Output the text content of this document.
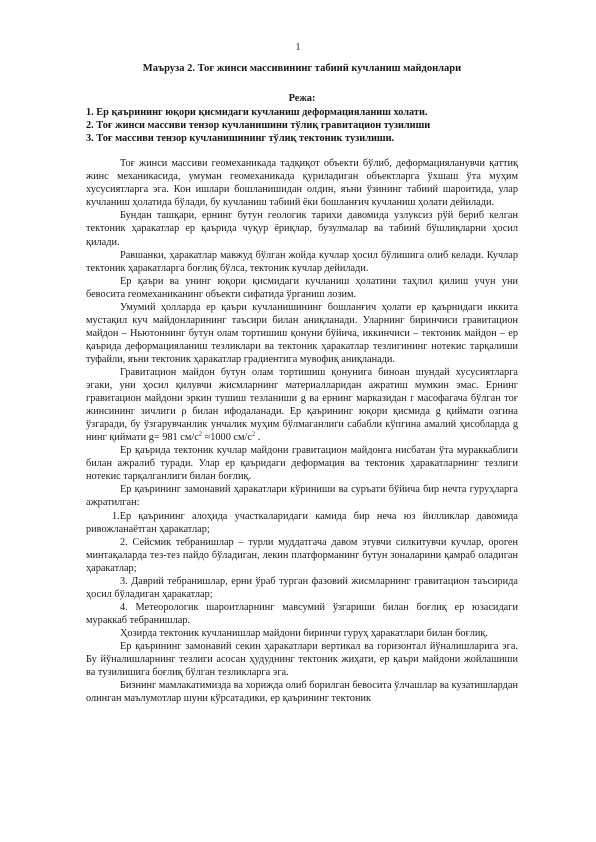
1

Маъруза 2. Тоғ жинси массивининг табиий кучланиш майдонлари

Режа:

1. Ер қаърининг юқори қисмидаги кучланиш деформацияланиш холати.

2. Тоғ жинси массиви тензор кучланишини тўлиқ гравитацион тузилиши

3. Тоғ массиви тензор кучланишининг тўлиқ тектоник тузилиши.

Тоғ жинси массиви геомеханикада тадқиқот объекти бўлиб, деформацияланувчи қаттиқ жинс механикасида, умуман геомеханикада қуриладиган объектларга ўхшаш ўта муҳим хусусиятларга эга. Кон ишлари бошланишидан олдин, яъни ўзининг табиий шароитида, улар кучланиш ҳолатида бўлади, бу кучланиш табиий ёки бошланғич кучланиш ҳолати дейилади.

Бундан ташқари, ернинг бутун геологик тарихи давомида узлуксиз рўй бериб келган тектоник ҳаракатлар ер қаърида чуқур ёриқлар, бузулмалар ва табиий бўшлиқларни ҳосил қилади.

Равшанки, ҳаракатлар мавжуд бўлган жойда кучлар ҳосил бўлишига олиб келади. Кучлар тектоник ҳаракатларга боғлиқ бўлса, тектоник кучлар дейилади.

Ер қаъри ва унинг юқори қисмидаги кучланиш ҳолатини таҳлил қилиш учун уни бевосита геомеханиканинг объекти сифатида ўрганиш лозим.

Умумий ҳолларда ер қаъри кучланишининг бошланғич ҳолати ер қаърнидаги иккита мустақил куч майдонларининг таъсири билан аниқланади. Уларнинг биринчиси гравитацион майдон – Ньютоннинг бутун олам тортишиш қонуни бўйича, иккинчиси – тектоник майдон – ер қаърида деформацияланиш тезликлари ва тектоник ҳаракатлар тезлигининг нотекис тарқалиши туфайли, яъни тектоник ҳаракатлар градиентига мувофиқ аниқланади.

Гравитацион майдон бутун олам тортишиш қонунига биноан шундай хусусиятларга эгаки, уни ҳосил қилувчи жисмларнинг материалларидан ажратиш мумкин эмас. Ернинг гравитацион майдони эркин тушиш тезланиши g ва ернинг марказидан r масофагача бўлган тоғ жинсининг зичлиги ρ билан ифодаланади. Ер қаърининг юқори қисмида g қиймати озгина ўзгаради, бу ўзгарувчанлик унчалик муҳим бўлмаганлиги сабабли кўпгина амалий ҳисобларда g нинг қиймати g= 981 $см/с^2 \approx 1000$ $см/с^2$ .

Ер қаърида тектоник кучлар майдони гравитацион майдонга нисбатан ўта мураккаблиги билан ажралиб туради. Улар ер қаъридаги деформация ва тектоник ҳаракатларнинг тезлиги нотекис тарқалганлиги билан боғлиқ.

Ер қаърининг замонавий ҳаракатлари кўриниши ва суръати бўйича бир нечта гуруҳларга ажратилган:

1.Ер қаърининг алоҳида участкаларидаги камида бир неча юз йилликлар давомида ривожланаётган ҳаракатлар;

2. Сейсмик тебранишлар – турли муддатгача давом этувчи силкитувчи кучлар, ороген минтақаларда тез-тез пайдо бўладиган, лекин платформанинг бутун зоналарини қамраб оладиган ҳаракатлар;

3. Даврий тебранишлар, ерни ўраб турган фазовий жисмларнинг гравитацион таъсирида ҳосил бўладиган ҳаракатлар;

4. Метеорологик шароитларнинг мавсумий ўзгариши билан боғлиқ ер юзасидаги мураккаб тебранишлар.

Ҳозирда тектоник кучланишлар майдони биринчи гуруҳ ҳаракатлари билан боғлиқ.

Ер қаърининг замонавий секин ҳаракатлари вертикал ва горизонтал йўналишларига эга. Бу йўналишларнинг тезлиги асосан ҳудуднинг тектоник жиҳати, ер қаъри майдони жойлашиши ва тузилишига боғлиқ бўлган тезликларга эга.

Бизнинг мамлакатимизда ва хорижда олиб борилган бевосита ўлчашлар ва кузатишлардан олинган маълумотлар шуни кўрсатадики, ер қаърининг тектоник
